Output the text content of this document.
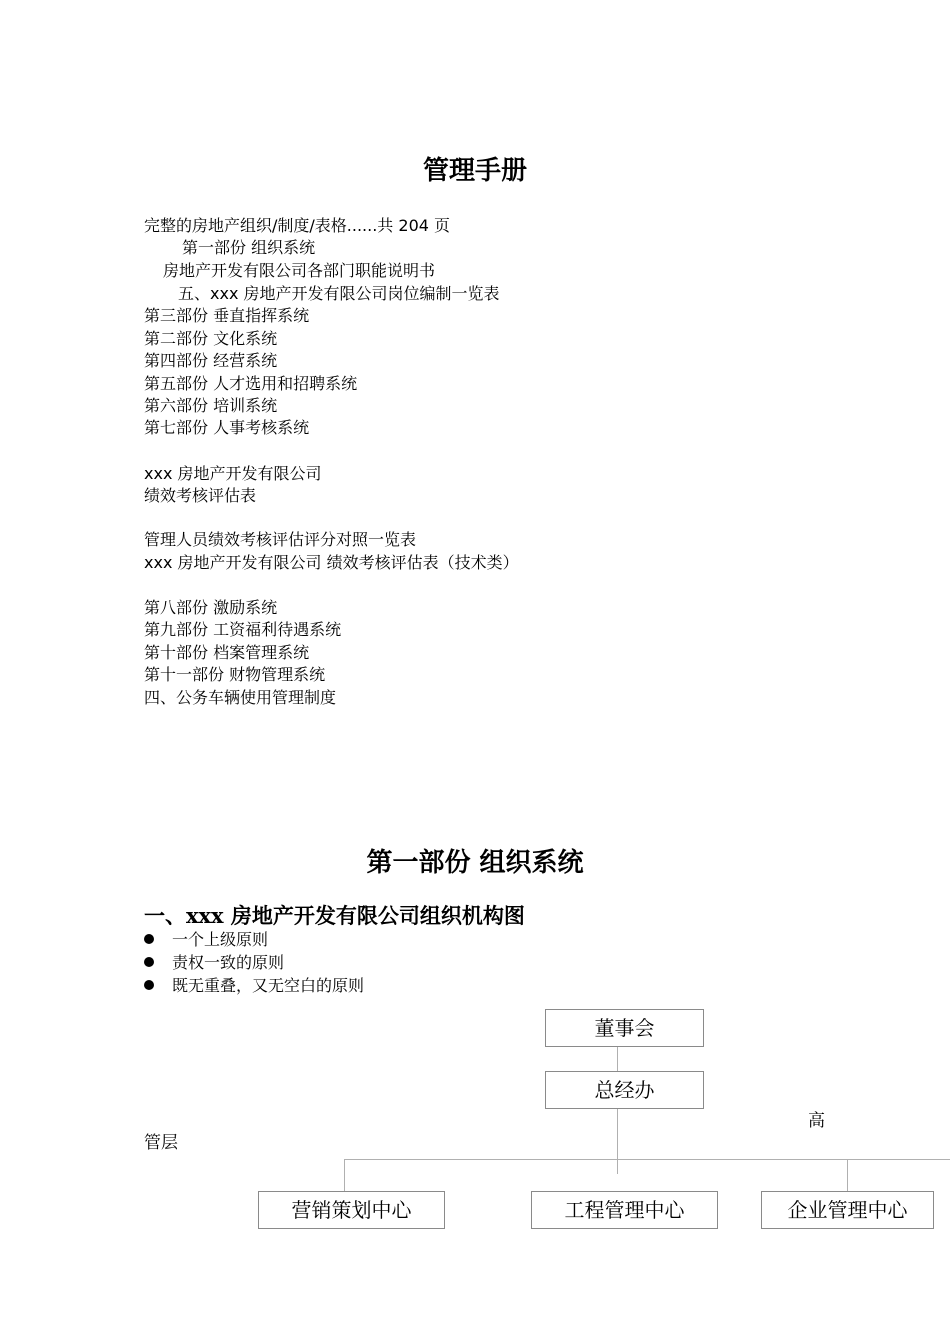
管理手册
完整的房地产组织/制度/表格......共 204 页
第一部份 组织系统
房地产开发有限公司各部门职能说明书
五、xxx 房地产开发有限公司岗位编制一览表
第三部份 垂直指挥系统
第二部份 文化系统
第四部份 经营系统
第五部份 人才选用和招聘系统
第六部份 培训系统
第七部份 人事考核系统
xxx 房地产开发有限公司
绩效考核评估表
管理人员绩效考核评估评分对照一览表
xxx 房地产开发有限公司 绩效考核评估表（技术类）
第八部份 激励系统
第九部份 工资福利待遇系统
第十部份 档案管理系统
第十一部份 财物管理系统
四、公务车辆使用管理制度
第一部份 组织系统
一、xxx 房地产开发有限公司组织机构图
一个上级原则
责权一致的原则
既无重叠，又无空白的原则
董事会
总经办
高
管层
营销策划中心	工程管理中心	企业管理中心
